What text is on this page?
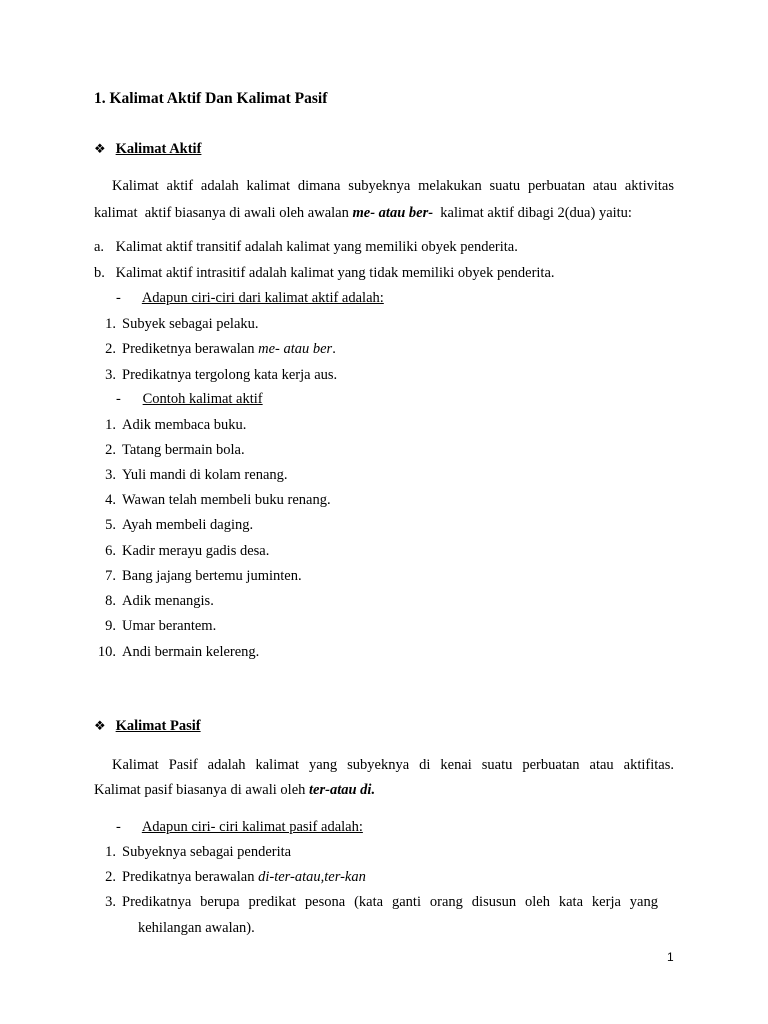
1. Kalimat Aktif Dan Kalimat Pasif
❖ Kalimat Aktif
Kalimat aktif adalah kalimat dimana subyeknya melakukan suatu perbuatan atau aktivitas
kalimat  aktif biasanya di awali oleh awalan me- atau ber-  kalimat aktif dibagi 2(dua) yaitu:
a. Kalimat aktif transitif adalah kalimat yang memiliki obyek penderita.
b. Kalimat aktif intrasitif adalah kalimat yang tidak memiliki obyek penderita.
- Adapun ciri-ciri dari kalimat aktif adalah:
1. Subyek sebagai pelaku.
2. Prediketnya berawalan me- atau ber.
3. Predikatnya tergolong kata kerja aus.
- Contoh kalimat aktif
1. Adik membaca buku.
2. Tatang bermain bola.
3. Yuli mandi di kolam renang.
4. Wawan telah membeli buku renang.
5. Ayah membeli daging.
6. Kadir merayu gadis desa.
7. Bang jajang bertemu juminten.
8. Adik menangis.
9. Umar berantem.
10. Andi bermain kelereng.
❖ Kalimat Pasif
Kalimat Pasif adalah kalimat yang subyeknya di kenai suatu perbuatan atau aktifitas.
Kalimat pasif biasanya di awali oleh ter-atau di.
- Adapun ciri- ciri kalimat pasif adalah:
1. Subyeknya sebagai penderita
2. Predikatnya berawalan di-ter-atau,ter-kan
3. Predikatnya berupa predikat pesona (kata ganti orang disusun oleh kata kerja yang
kehilangan awalan).
1
